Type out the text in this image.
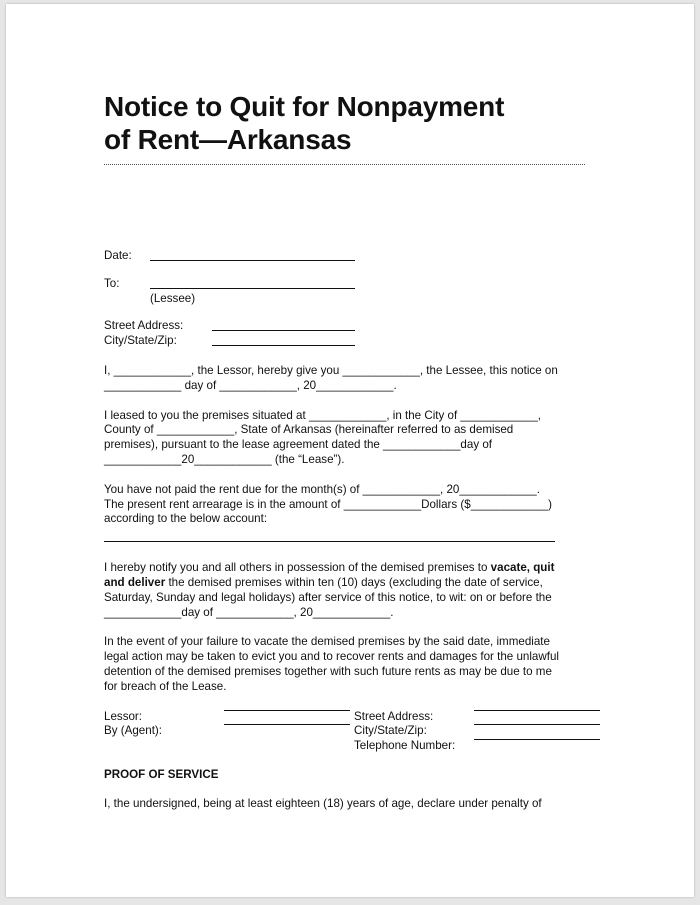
Notice to Quit for Nonpayment
of Rent—Arkansas
Date:
To:
(Lessee)
Street Address:
City/State/Zip:
I, ____________, the Lessor, hereby give you ____________, the Lessee, this notice on
____________ day of ____________, 20____________.
I leased to you the premises situated at ____________, in the City of ____________,
County of ____________, State of Arkansas (hereinafter referred to as demised
premises), pursuant to the lease agreement dated the ____________day of
____________20____________ (the “Lease”).
You have not paid the rent due for the month(s) of ____________, 20____________.
The present rent arrearage is in the amount of ____________Dollars ($____________)
according to the below account:
I hereby notify you and all others in possession of the demised premises to vacate, quit
and deliver the demised premises within ten (10) days (excluding the date of service,
Saturday, Sunday and legal holidays) after service of this notice, to wit: on or before the
____________day of ____________, 20____________.
In the event of your failure to vacate the demised premises by the said date, immediate
legal action may be taken to evict you and to recover rents and damages for the unlawful
detention of the demised premises together with such future rents as may be due to me
for breach of the Lease.
Lessor:	Street Address:
By (Agent):	City/State/Zip:
Telephone Number:
PROOF OF SERVICE
I, the undersigned, being at least eighteen (18) years of age, declare under penalty of
